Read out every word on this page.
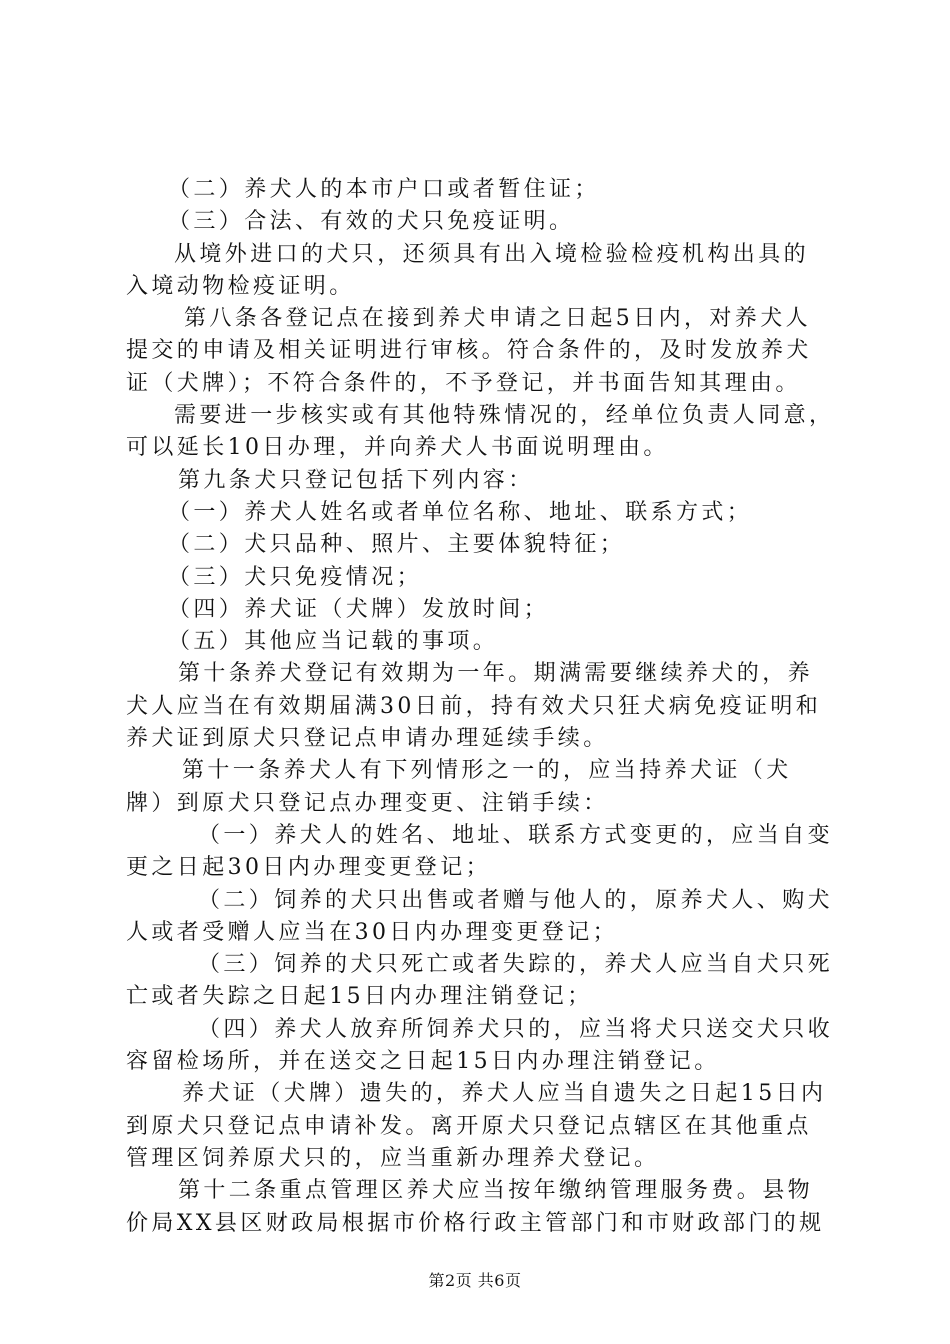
（二）养犬人的本市户口或者暂住证；
（三）合法、有效的犬只免疫证明。
从境外进口的犬只，还须具有出入境检验检疫机构出具的
入境动物检疫证明。
第八条各登记点在接到养犬申请之日起5日内，对养犬人
提交的申请及相关证明进行审核。符合条件的，及时发放养犬
证（犬牌）；不符合条件的，不予登记，并书面告知其理由。
需要进一步核实或有其他特殊情况的，经单位负责人同意，
可以延长10日办理，并向养犬人书面说明理由。
第九条犬只登记包括下列内容：
（一）养犬人姓名或者单位名称、地址、联系方式；
（二）犬只品种、照片、主要体貌特征；
（三）犬只免疫情况；
（四）养犬证（犬牌）发放时间；
（五）其他应当记载的事项。
第十条养犬登记有效期为一年。期满需要继续养犬的，养
犬人应当在有效期届满30日前，持有效犬只狂犬病免疫证明和
养犬证到原犬只登记点申请办理延续手续。
第十一条养犬人有下列情形之一的，应当持养犬证（犬
牌）到原犬只登记点办理变更、注销手续：
（一）养犬人的姓名、地址、联系方式变更的，应当自变
更之日起30日内办理变更登记；
（二）饲养的犬只出售或者赠与他人的，原养犬人、购犬
人或者受赠人应当在30日内办理变更登记；
（三）饲养的犬只死亡或者失踪的，养犬人应当自犬只死
亡或者失踪之日起15日内办理注销登记；
（四）养犬人放弃所饲养犬只的，应当将犬只送交犬只收
容留检场所，并在送交之日起15日内办理注销登记。
养犬证（犬牌）遗失的，养犬人应当自遗失之日起15日内
到原犬只登记点申请补发。离开原犬只登记点辖区在其他重点
管理区饲养原犬只的，应当重新办理养犬登记。
第十二条重点管理区养犬应当按年缴纳管理服务费。县物
价局XX县区财政局根据市价格行政主管部门和市财政部门的规
第2页 共6页
